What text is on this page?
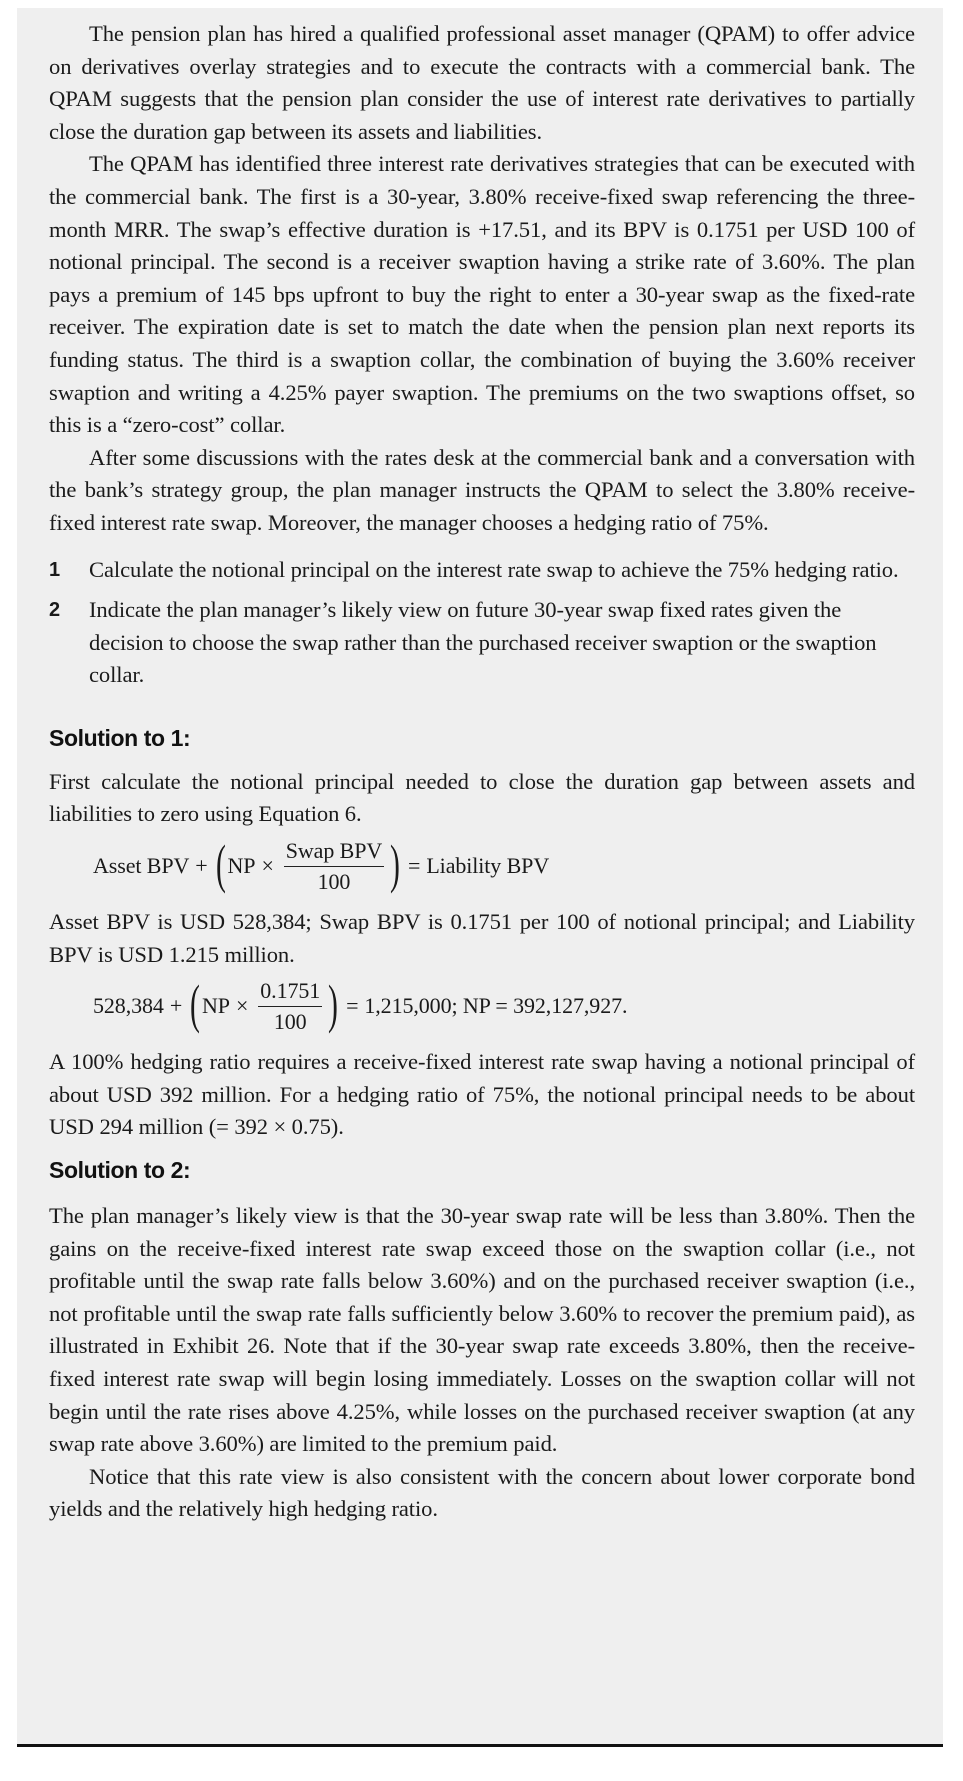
The pension plan has hired a qualified professional asset manager (QPAM) to offer advice on derivatives overlay strategies and to execute the contracts with a commercial bank. The QPAM suggests that the pension plan consider the use of interest rate derivatives to partially close the duration gap between its assets and liabilities.

The QPAM has identified three interest rate derivatives strategies that can be executed with the commercial bank. The first is a 30-year, 3.80% receive-fixed swap referencing the three-month MRR. The swap’s effective duration is +17.51, and its BPV is 0.1751 per USD 100 of notional principal. The second is a receiver swaption having a strike rate of 3.60%. The plan pays a premium of 145 bps upfront to buy the right to enter a 30-year swap as the fixed-rate receiver. The expiration date is set to match the date when the pension plan next reports its funding status. The third is a swaption collar, the combination of buying the 3.60% receiver swaption and writing a 4.25% payer swaption. The premiums on the two swaptions offset, so this is a “zero-cost” collar.

After some discussions with the rates desk at the commercial bank and a conversation with the bank’s strategy group, the plan manager instructs the QPAM to select the 3.80% receive-fixed interest rate swap. Moreover, the manager chooses a hedging ratio of 75%.

1 Calculate the notional principal on the interest rate swap to achieve the 75% hedging ratio.
2 Indicate the plan manager’s likely view on future 30-year swap fixed rates given the decision to choose the swap rather than the purchased receiver swaption or the swaption collar.
Solution to 1:

First calculate the notional principal needed to close the duration gap between assets and liabilities to zero using Equation 6.

Asset BPV + ( NP × $\frac{\text{Swap BPV}}{100}$ ) = Liability BPV

Asset BPV is USD 528,384; Swap BPV is 0.1751 per 100 of notional principal; and Liability BPV is USD 1.215 million.

528,384 + ( NP × $\frac{0.1751}{100}$ ) = 1,215,000; NP = 392,127,927.

A 100% hedging ratio requires a receive-fixed interest rate swap having a notional principal of about USD 392 million. For a hedging ratio of 75%, the notional principal needs to be about USD 294 million (= 392 × 0.75).

Solution to 2:

The plan manager’s likely view is that the 30-year swap rate will be less than 3.80%. Then the gains on the receive-fixed interest rate swap exceed those on the swaption collar (i.e., not profitable until the swap rate falls below 3.60%) and on the purchased receiver swaption (i.e., not profitable until the swap rate falls sufficiently below 3.60% to recover the premium paid), as illustrated in Exhibit 26. Note that if the 30-year swap rate exceeds 3.80%, then the receive-fixed interest rate swap will begin losing immediately. Losses on the swaption collar will not begin until the rate rises above 4.25%, while losses on the purchased receiver swaption (at any swap rate above 3.60%) are limited to the premium paid.

Notice that this rate view is also consistent with the concern about lower corporate bond yields and the relatively high hedging ratio.
